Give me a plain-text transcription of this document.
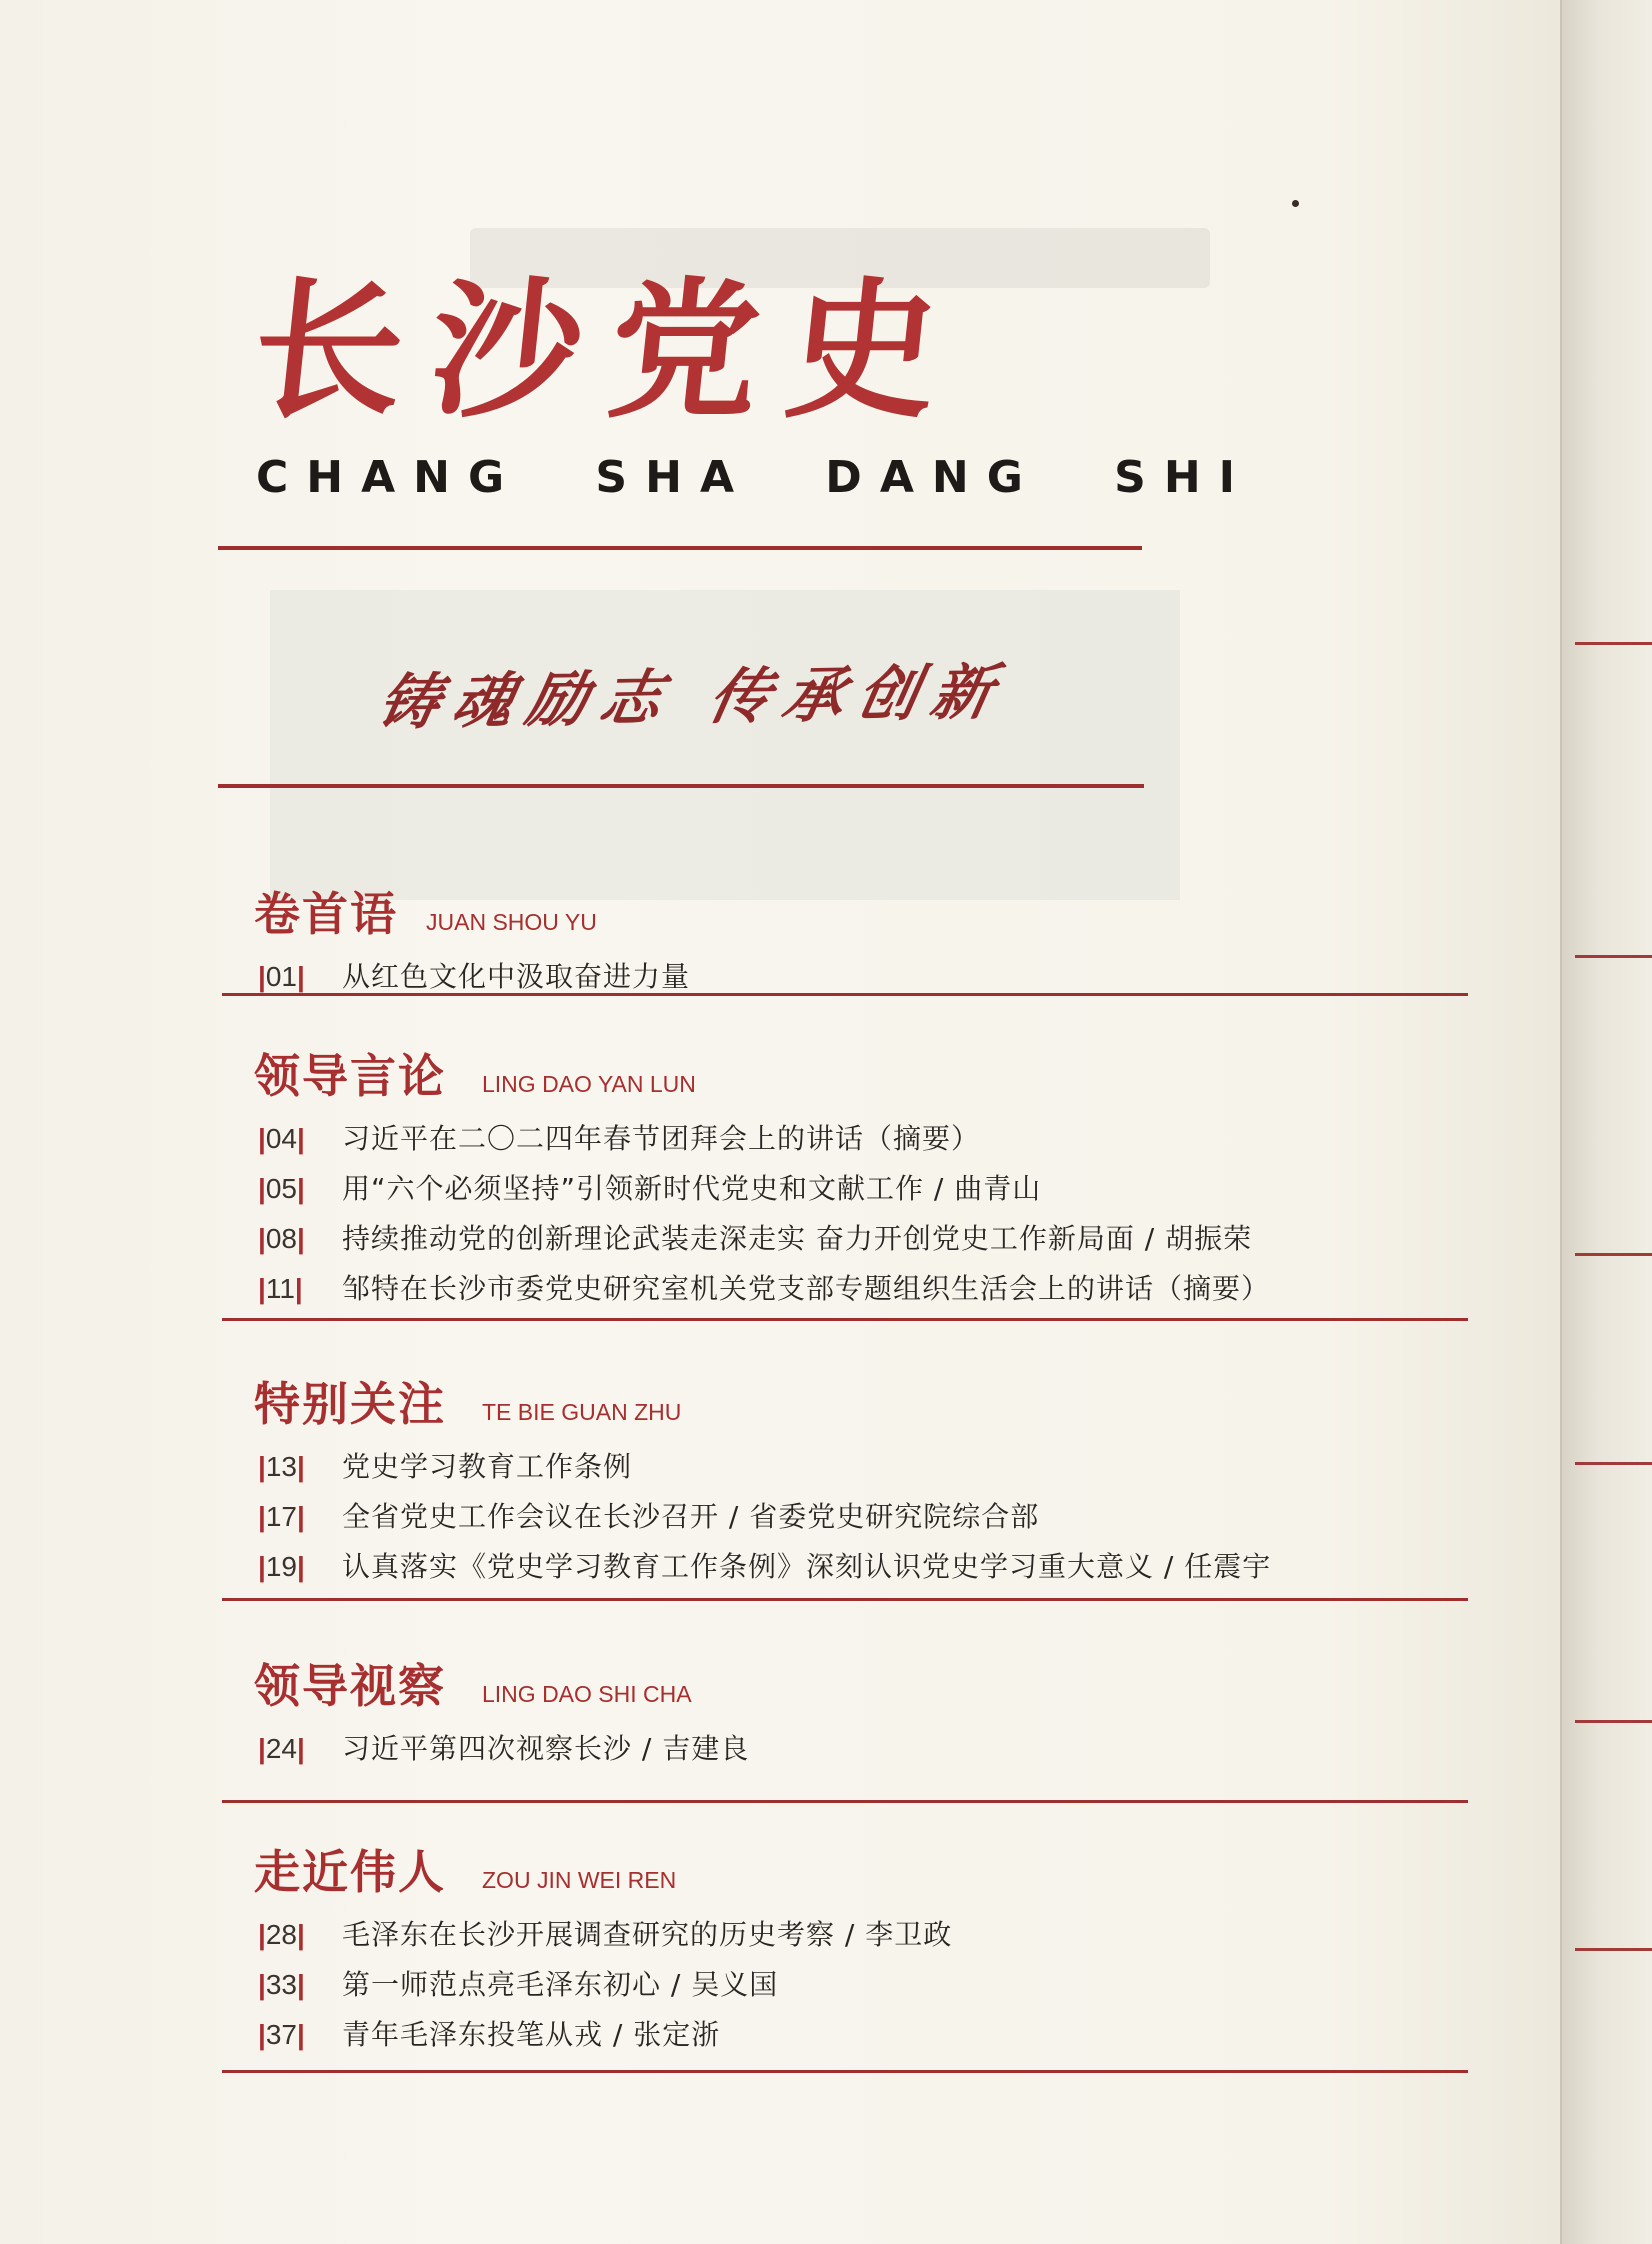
长沙党史
CHANG SHA DANG SHI
铸魂励志 传承创新
卷首语 JUAN SHOU YU
|01| 从红色文化中汲取奋进力量
领导言论 LING DAO YAN LUN
|04| 习近平在二〇二四年春节团拜会上的讲话（摘要）
|05| 用“六个必须坚持”引领新时代党史和文献工作 / 曲青山
|08| 持续推动党的创新理论武装走深走实 奋力开创党史工作新局面 / 胡振荣
|11| 邹特在长沙市委党史研究室机关党支部专题组织生活会上的讲话（摘要）
特别关注 TE BIE GUAN ZHU
|13| 党史学习教育工作条例
|17| 全省党史工作会议在长沙召开 / 省委党史研究院综合部
|19| 认真落实《党史学习教育工作条例》深刻认识党史学习重大意义 / 任震宇
领导视察 LING DAO SHI CHA
|24| 习近平第四次视察长沙 / 吉建良
走近伟人 ZOU JIN WEI REN
|28| 毛泽东在长沙开展调查研究的历史考察 / 李卫政
|33| 第一师范点亮毛泽东初心 / 吴义国
|37| 青年毛泽东投笔从戎 / 张定浙
